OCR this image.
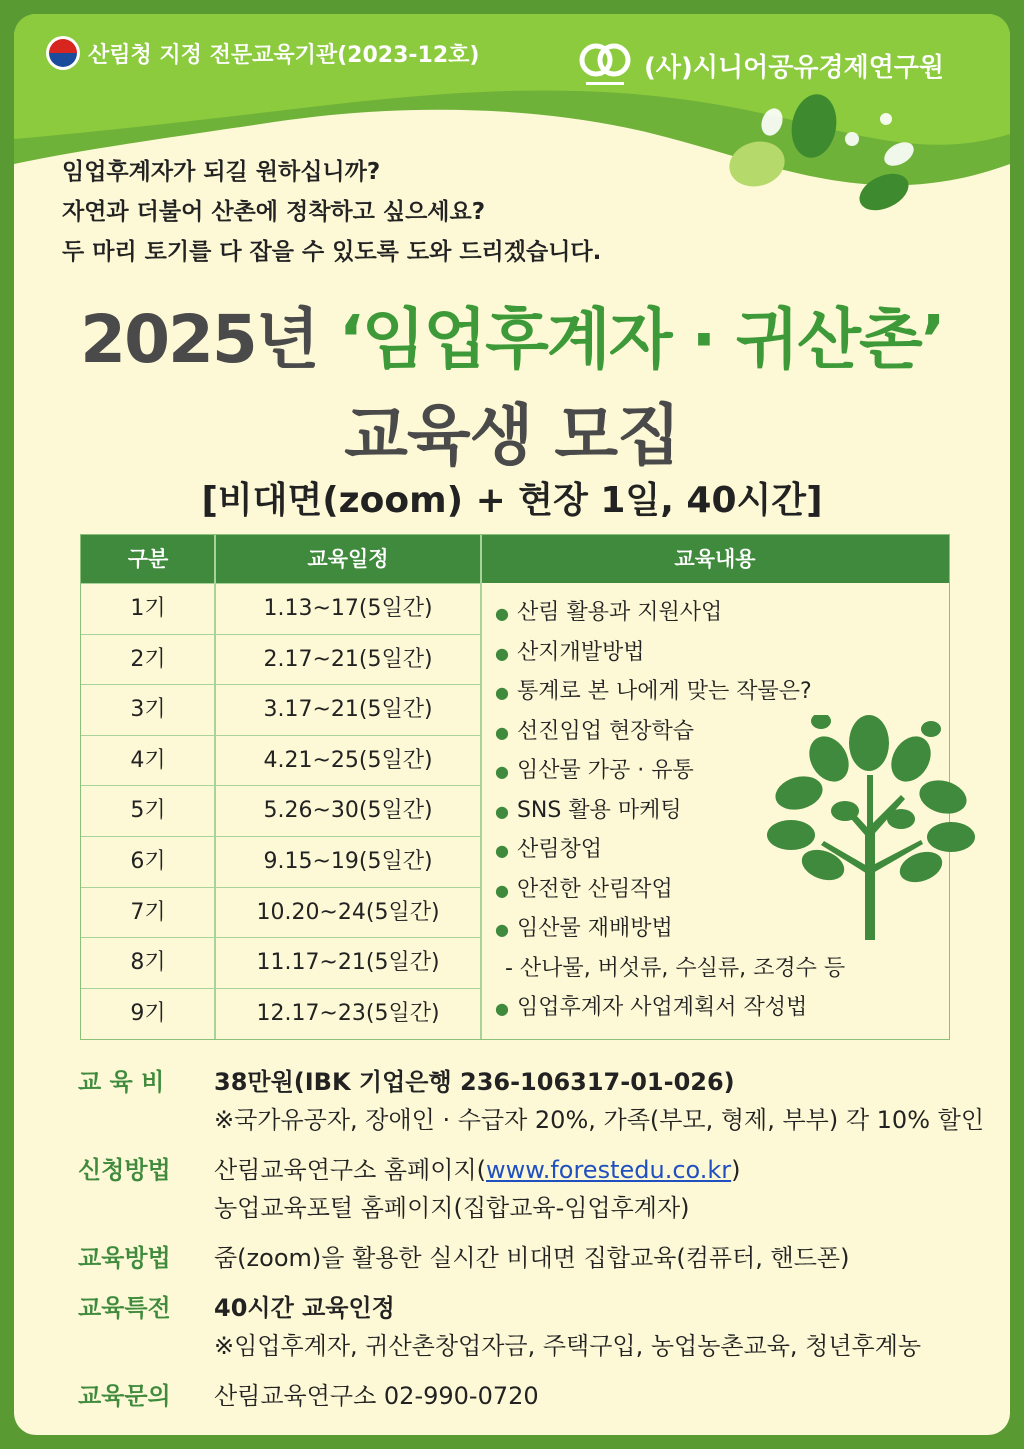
산림청 지정 전문교육기관(2023-12호)	(사)시니어공유경제연구원
임업후계자가 되길 원하십니까?
자연과 더불어 산촌에 정착하고 싶으세요?
두 마리 토기를 다 잡을 수 있도록 도와 드리겠습니다.
2025년 ‘임업후계자 · 귀산촌’
교육생 모집
[비대면(zoom) + 현장 1일, 40시간]
구분	교육일정	교육내용
1기	1.13~17(5일간)
2기	2.17~21(5일간)
3기	3.17~21(5일간)
4기	4.21~25(5일간)
5기	5.26~30(5일간)
6기	9.15~19(5일간)
7기	10.20~24(5일간)
8기	11.17~21(5일간)
9기	12.17~23(5일간)
● 산림 활용과 지원사업
● 산지개발방법
● 통계로 본 나에게 맞는 작물은?
● 선진임업 현장학습
● 임산물 가공 · 유통
● SNS 활용 마케팅
● 산림창업
● 안전한 산림작업
● 임산물 재배방법
- 산나물, 버섯류, 수실류, 조경수 등
● 임업후계자 사업계획서 작성법
교 육 비	38만원(IBK 기업은행 236-106317-01-026)
※국가유공자, 장애인 · 수급자 20%, 가족(부모, 형제, 부부) 각 10% 할인
신청방법	산림교육연구소 홈페이지(www.forestedu.co.kr)
농업교육포털 홈페이지(집합교육-임업후계자)
교육방법	줌(zoom)을 활용한 실시간 비대면 집합교육(컴퓨터, 핸드폰)
교육특전	40시간 교육인정
※임업후계자, 귀산촌창업자금, 주택구입, 농업농촌교육, 청년후계농
교육문의	산림교육연구소 02-990-0720
